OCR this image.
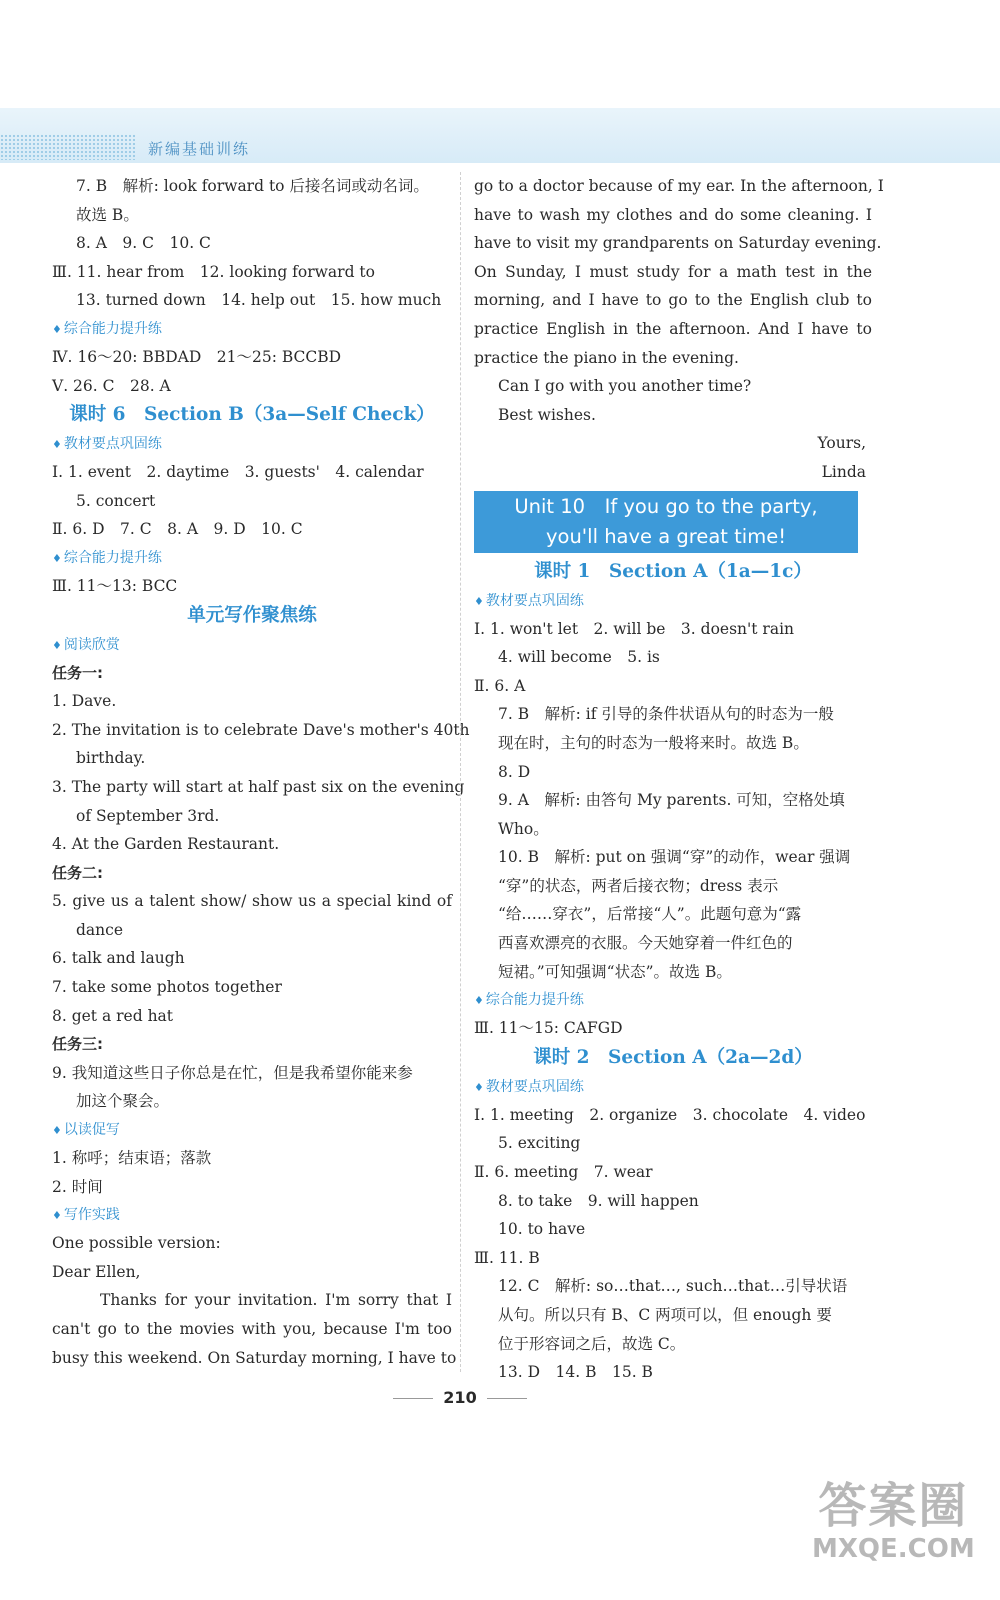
新编基础训练
7. B　解析: look forward to 后接名词或动名词。
故选 B。
8. A　9. C　10. C
Ⅲ. 11. hear from　12. looking forward to
13. turned down　14. help out　15. how much
♦ 综合能力提升练
Ⅳ. 16～20: BBDAD　21～25: BCCBD
Ⅴ. 26. C　28. A
课时 6　Section B（3a—Self Check）
♦ 教材要点巩固练
Ⅰ. 1. event　2. daytime　3. guests'　4. calendar
5. concert
Ⅱ. 6. D　7. C　8. A　9. D　10. C
♦ 综合能力提升练
Ⅲ. 11～13: BCC
单元写作聚焦练
♦ 阅读欣赏
任务一:
1. Dave.
2. The invitation is to celebrate Dave's mother's 40th
birthday.
3. The party will start at half past six on the evening
of September 3rd.
4. At the Garden Restaurant.
任务二:
5. give us a talent show/ show us a special kind of
dance
6. talk and laugh
7. take some photos together
8. get a red hat
任务三:
9. 我知道这些日子你总是在忙，但是我希望你能来参
加这个聚会。
♦ 以读促写
1. 称呼；结束语；落款
2. 时间
♦ 写作实践
One possible version:
Dear Ellen,
Thanks for your invitation. I'm sorry that I
can't go to the movies with you, because I'm too
busy this weekend. On Saturday morning, I have to
go to a doctor because of my ear. In the afternoon, I
have to wash my clothes and do some cleaning. I
have to visit my grandparents on Saturday evening.
On Sunday, I must study for a math test in the
morning, and I have to go to the English club to
practice English in the afternoon. And I have to
practice the piano in the evening.
Can I go with you another time?
Best wishes.
Yours,
Linda
Unit 10　If you go to the party,
you'll have a great time!
课时 1　Section A（1a—1c）
♦ 教材要点巩固练
Ⅰ. 1. won't let　2. will be　3. doesn't rain
4. will become　5. is
Ⅱ. 6. A
7. B　解析: if 引导的条件状语从句的时态为一般
现在时，主句的时态为一般将来时。故选 B。
8. D
9. A　解析: 由答句 My parents. 可知，空格处填
Who。
10. B　解析: put on 强调“穿”的动作，wear 强调
“穿”的状态，两者后接衣物；dress 表示
“给……穿衣”，后常接“人”。此题句意为“露
西喜欢漂亮的衣服。今天她穿着一件红色的
短裙。”可知强调“状态”。故选 B。
♦ 综合能力提升练
Ⅲ. 11～15: CAFGD
课时 2　Section A（2a—2d）
♦ 教材要点巩固练
Ⅰ. 1. meeting　2. organize　3. chocolate　4. video
5. exciting
Ⅱ. 6. meeting　7. wear
8. to take　9. will happen
10. to have
Ⅲ. 11. B
12. C　解析: so…that…, such…that…引导状语
从句。所以只有 B、C 两项可以，但 enough 要
位于形容词之后，故选 C。
13. D　14. B　15. B
210
答案圈
MXQE.COM
